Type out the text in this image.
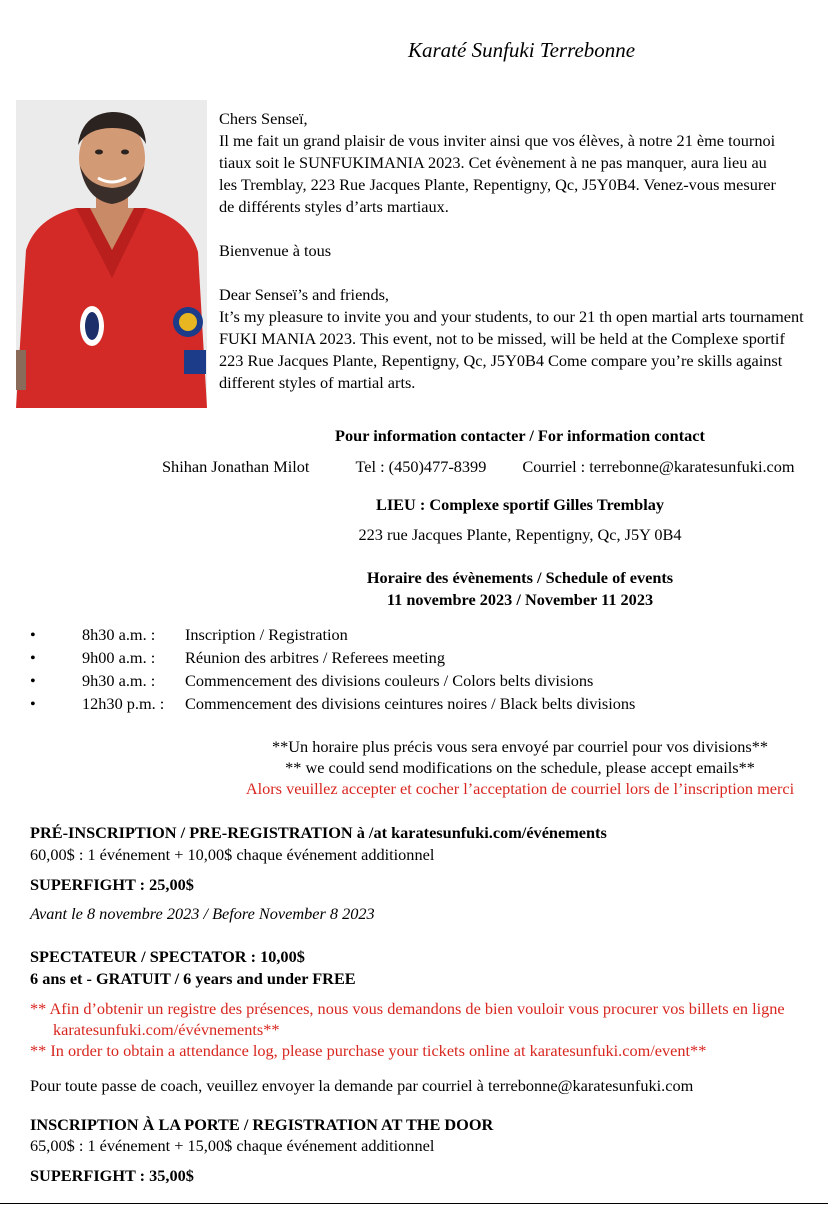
Karaté Sunfuki Terrebonne
Chers Senseï,
Il me fait un grand plaisir de vous inviter ainsi que vos élèves, à notre 21 ème tournoi
tiaux soit le SUNFUKIMANIA 2023. Cet évènement à ne pas manquer, aura lieu au
les Tremblay, 223 Rue Jacques Plante, Repentigny, Qc, J5Y0B4. Venez-vous mesurer
de différents styles d’arts martiaux.
Bienvenue à tous
Dear Senseï’s and friends,
It’s my pleasure to invite you and your students, to our 21 th open martial arts tournament
FUKI MANIA 2023. This event, not to be missed, will be held at the Complexe sportif
223 Rue Jacques Plante, Repentigny, Qc, J5Y0B4 Come compare you’re skills against
different styles of martial arts.
Pour information contacter / For information contact
Shihan Jonathan Milot	Tel : (450)477-8399 Courriel : terrebonne@karatesunfuki.com
LIEU : Complexe sportif Gilles Tremblay
223 rue Jacques Plante, Repentigny, Qc, J5Y 0B4
Horaire des évènements / Schedule of events
11 novembre 2023 / November 11 2023
•	8h30 a.m. : Inscription / Registration
•	9h00 a.m. : Réunion des arbitres / Referees meeting
•	9h30 a.m. : Commencement des divisions couleurs / Colors belts divisions
•	12h30 p.m. : Commencement des divisions ceintures noires / Black belts divisions
**Un horaire plus précis vous sera envoyé par courriel pour vos divisions**
** we could send modifications on the schedule, please accept emails**
Alors veuillez accepter et cocher l’acceptation de courriel lors de l’inscription merci
PRÉ-INSCRIPTION / PRE-REGISTRATION à /at karatesunfuki.com/événements
60,00$ : 1 événement + 10,00$ chaque événement additionnel
SUPERFIGHT : 25,00$
Avant le 8 novembre 2023 / Before November 8 2023
SPECTATEUR / SPECTATOR : 10,00$
6 ans et - GRATUIT / 6 years and under FREE
** Afin d’obtenir un registre des présences, nous vous demandons de bien vouloir vous procurer vos billets en ligne
karatesunfuki.com/évévnements**
** In order to obtain a attendance log, please purchase your tickets online at karatesunfuki.com/event**
Pour toute passe de coach, veuillez envoyer la demande par courriel à terrebonne@karatesunfuki.com
INSCRIPTION À LA PORTE / REGISTRATION AT THE DOOR
65,00$ : 1 événement + 15,00$ chaque événement additionnel
SUPERFIGHT : 35,00$
